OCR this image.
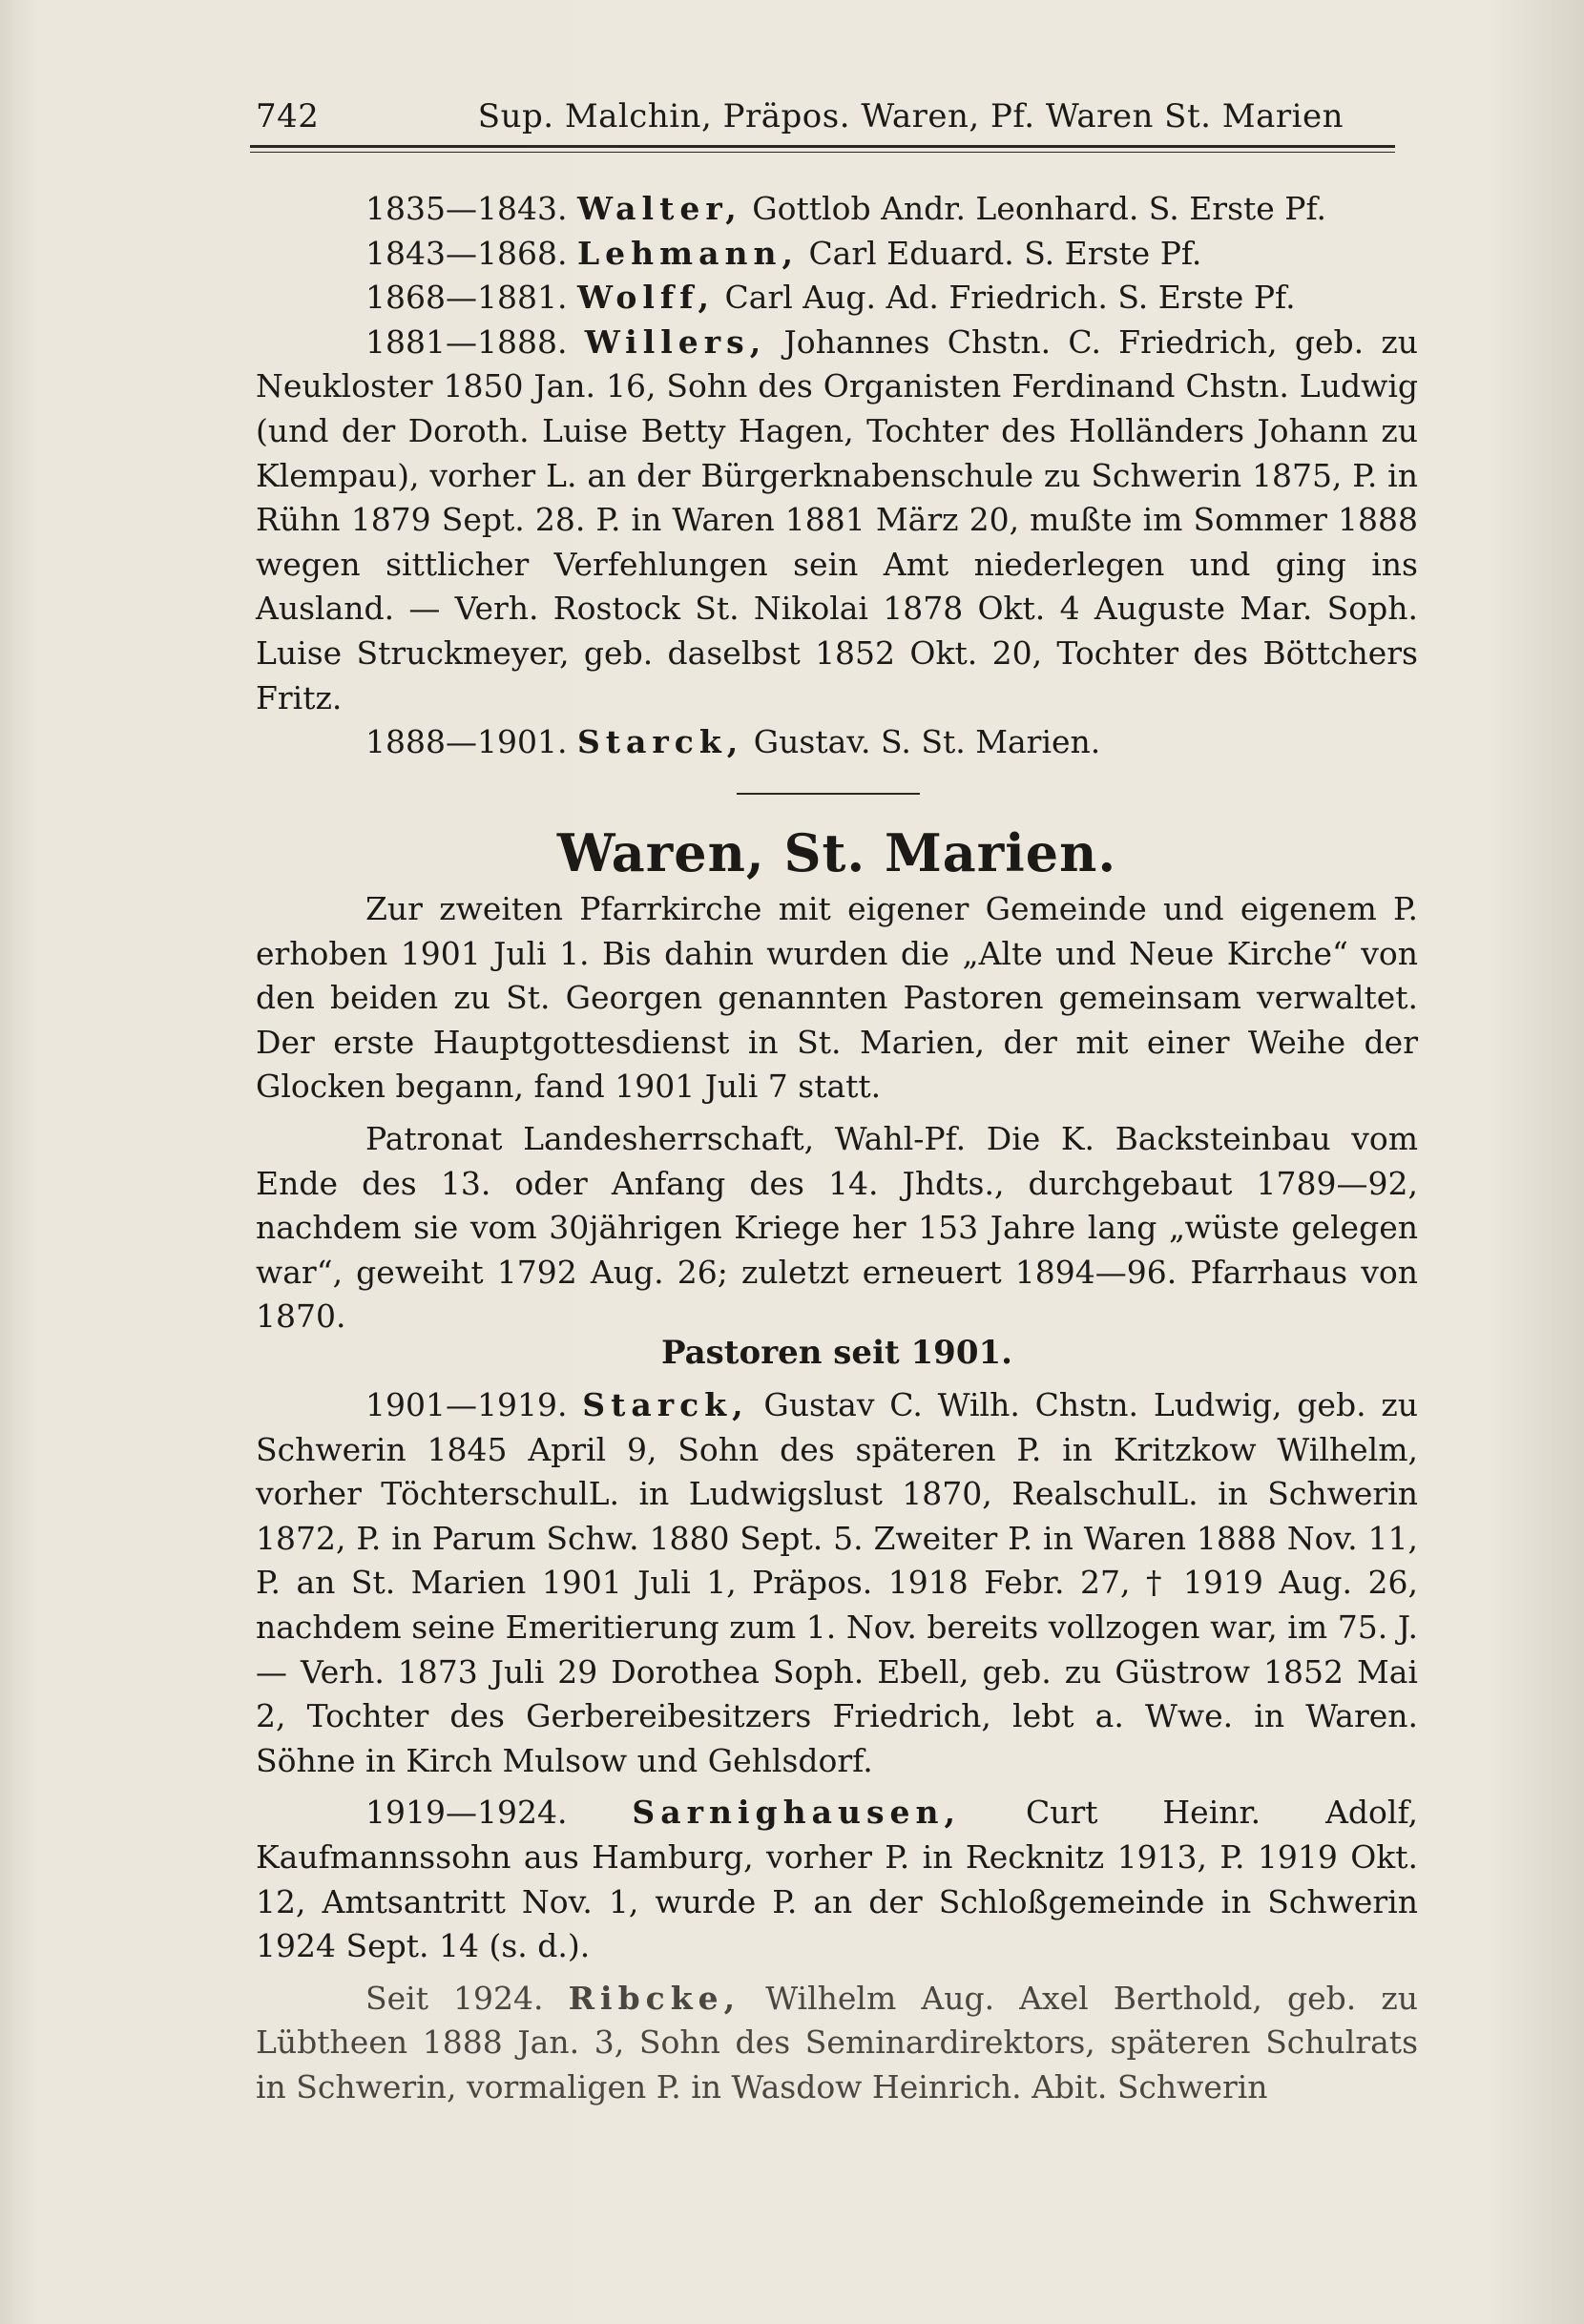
742	Sup. Malchin, Präpos. Waren, Pf. Waren St. Marien

1835—1843. Walter, Gottlob Andr. Leonhard. S. Erste Pf.

1843—1868. Lehmann, Carl Eduard. S. Erste Pf.

1868—1881. Wolff, Carl Aug. Ad. Friedrich. S. Erste Pf.

1881—1888. Willers, Johannes Chstn. C. Friedrich, geb. zu Neukloster 1850 Jan. 16, Sohn des Organisten Ferdinand Chstn. Ludwig (und der Doroth. Luise Betty Hagen, Tochter des Holländers Johann zu Klempau), vorher L. an der Bürgerknabenschule zu Schwerin 1875, P. in Rühn 1879 Sept. 28. P. in Waren 1881 März 20, mußte im Sommer 1888 wegen sittlicher Verfehlungen sein Amt niederlegen und ging ins Ausland. — Verh. Rostock St. Nikolai 1878 Okt. 4 Auguste Mar. Soph. Luise Struckmeyer, geb. daselbst 1852 Okt. 20, Tochter des Böttchers Fritz.

1888—1901. Starck, Gustav. S. St. Marien.

Waren, St. Marien.

Zur zweiten Pfarrkirche mit eigener Gemeinde und eigenem P. erhoben 1901 Juli 1. Bis dahin wurden die „Alte und Neue Kirche“ von den beiden zu St. Georgen genannten Pastoren gemeinsam verwaltet. Der erste Hauptgottesdienst in St. Marien, der mit einer Weihe der Glocken begann, fand 1901 Juli 7 statt.

Patronat Landesherrschaft, Wahl-Pf. Die K. Backsteinbau vom Ende des 13. oder Anfang des 14. Jhdts., durchgebaut 1789—92, nachdem sie vom 30jährigen Kriege her 153 Jahre lang „wüste gelegen war“, geweiht 1792 Aug. 26; zuletzt erneuert 1894—96. Pfarrhaus von 1870.

Pastoren seit 1901.

1901—1919. Starck, Gustav C. Wilh. Chstn. Ludwig, geb. zu Schwerin 1845 April 9, Sohn des späteren P. in Kritzkow Wilhelm, vorher TöchterschulL. in Ludwigslust 1870, RealschulL. in Schwerin 1872, P. in Parum Schw. 1880 Sept. 5. Zweiter P. in Waren 1888 Nov. 11, P. an St. Marien 1901 Juli 1, Präpos. 1918 Febr. 27, † 1919 Aug. 26, nachdem seine Emeritierung zum 1. Nov. bereits vollzogen war, im 75. J. — Verh. 1873 Juli 29 Dorothea Soph. Ebell, geb. zu Güstrow 1852 Mai 2, Tochter des Gerbereibesitzers Friedrich, lebt a. Wwe. in Waren. Söhne in Kirch Mulsow und Gehlsdorf.

1919—1924. Sarnighausen, Curt Heinr. Adolf, Kaufmannssohn aus Hamburg, vorher P. in Recknitz 1913, P. 1919 Okt. 12, Amtsantritt Nov. 1, wurde P. an der Schloßgemeinde in Schwerin 1924 Sept. 14 (s. d.).

Seit 1924. Ribcke, Wilhelm Aug. Axel Berthold, geb. zu Lübtheen 1888 Jan. 3, Sohn des Seminardirektors, späteren Schulrats in Schwerin, vormaligen P. in Wasdow Heinrich. Abit. Schwerin
